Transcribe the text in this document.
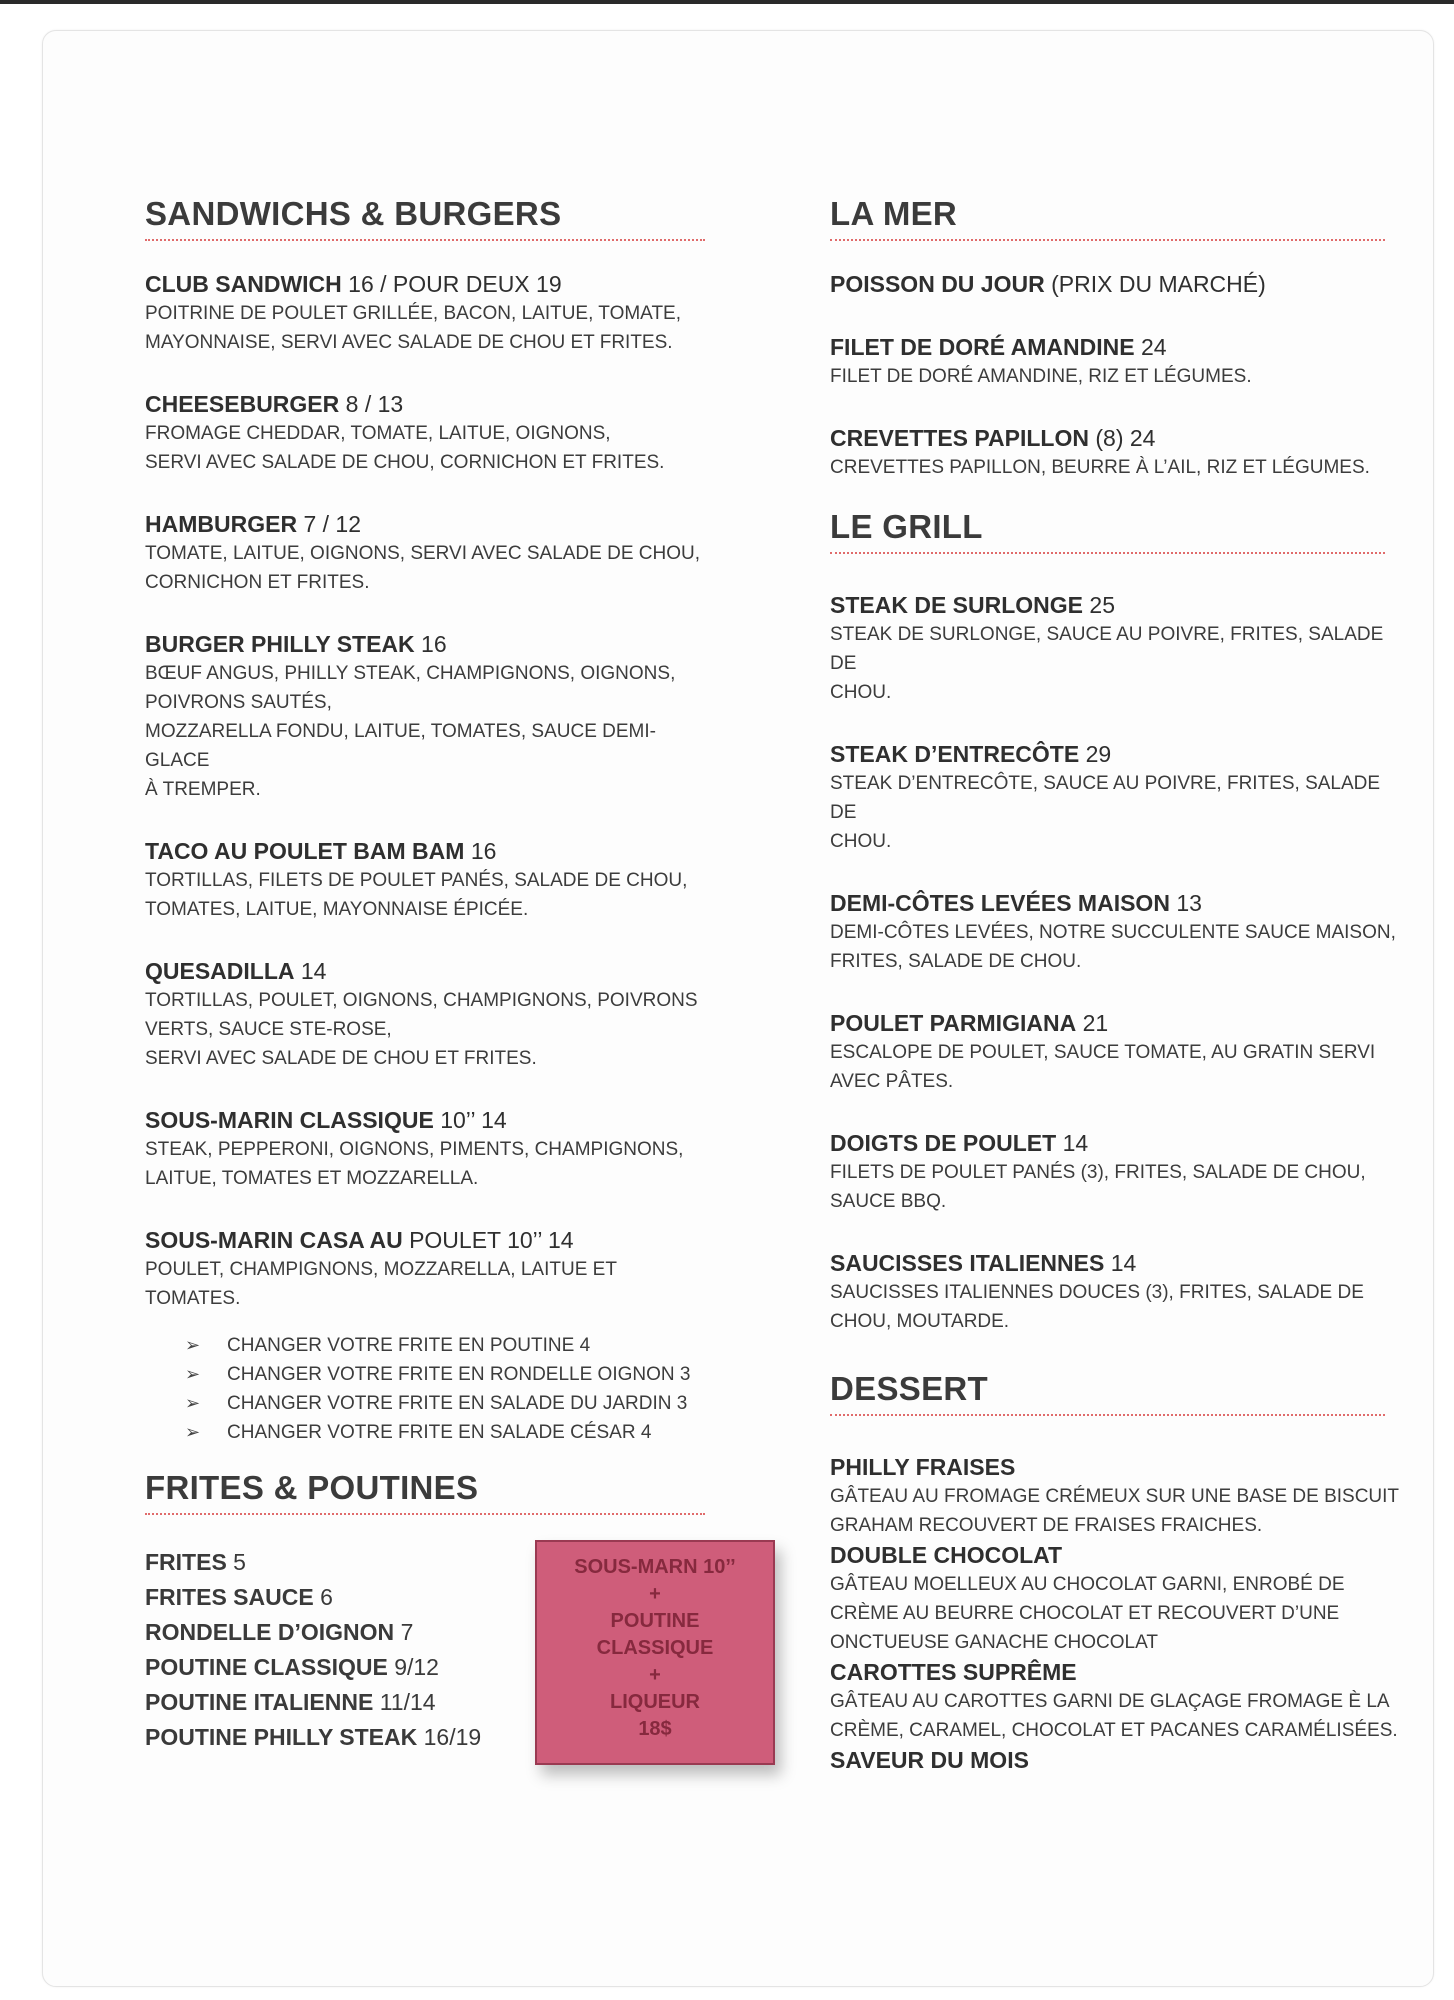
SANDWICHS & BURGERS
CLUB SANDWICH 16 / POUR DEUX 19
POITRINE DE POULET GRILLÉE, BACON, LAITUE, TOMATE,
MAYONNAISE, SERVI AVEC SALADE DE CHOU ET FRITES.
CHEESEBURGER 8 / 13
FROMAGE CHEDDAR, TOMATE, LAITUE, OIGNONS,
SERVI AVEC SALADE DE CHOU, CORNICHON ET FRITES.
HAMBURGER 7 / 12
TOMATE, LAITUE, OIGNONS, SERVI AVEC SALADE DE CHOU,
CORNICHON ET FRITES.
BURGER PHILLY STEAK 16
BŒUF ANGUS, PHILLY STEAK, CHAMPIGNONS, OIGNONS,
POIVRONS SAUTÉS,
MOZZARELLA FONDU, LAITUE, TOMATES, SAUCE DEMI-GLACE
À TREMPER.
TACO AU POULET BAM BAM 16
TORTILLAS, FILETS DE POULET PANÉS, SALADE DE CHOU,
TOMATES, LAITUE, MAYONNAISE ÉPICÉE.
QUESADILLA 14
TORTILLAS, POULET, OIGNONS, CHAMPIGNONS, POIVRONS
VERTS, SAUCE STE-ROSE,
SERVI AVEC SALADE DE CHOU ET FRITES.
SOUS-MARIN CLASSIQUE 10’’ 14
STEAK, PEPPERONI, OIGNONS, PIMENTS, CHAMPIGNONS,
LAITUE, TOMATES ET MOZZARELLA.
SOUS-MARIN CASA AU POULET 10’’ 14
POULET, CHAMPIGNONS, MOZZARELLA, LAITUE ET TOMATES.
➢ CHANGER VOTRE FRITE EN POUTINE 4
➢ CHANGER VOTRE FRITE EN RONDELLE OIGNON 3
➢ CHANGER VOTRE FRITE EN SALADE DU JARDIN 3
➢ CHANGER VOTRE FRITE EN SALADE CÉSAR 4
FRITES & POUTINES
FRITES 5
FRITES SAUCE 6
RONDELLE D’OIGNON 7
POUTINE CLASSIQUE 9/12
POUTINE ITALIENNE 11/14
POUTINE PHILLY STEAK 16/19
SOUS-MARN 10’’
+
POUTINE
CLASSIQUE
+
LIQUEUR
18$
LA MER
POISSON DU JOUR (PRIX DU MARCHÉ)
FILET DE DORÉ AMANDINE 24
FILET DE DORÉ AMANDINE, RIZ ET LÉGUMES.
CREVETTES PAPILLON (8) 24
CREVETTES PAPILLON, BEURRE À L’AIL, RIZ ET LÉGUMES.
LE GRILL
STEAK DE SURLONGE 25
STEAK DE SURLONGE, SAUCE AU POIVRE, FRITES, SALADE DE
CHOU.
STEAK D’ENTRECÔTE 29
STEAK D’ENTRECÔTE, SAUCE AU POIVRE, FRITES, SALADE DE
CHOU.
DEMI-CÔTES LEVÉES MAISON 13
DEMI-CÔTES LEVÉES, NOTRE SUCCULENTE SAUCE MAISON,
FRITES, SALADE DE CHOU.
POULET PARMIGIANA 21
ESCALOPE DE POULET, SAUCE TOMATE, AU GRATIN SERVI
AVEC PÂTES.
DOIGTS DE POULET 14
FILETS DE POULET PANÉS (3), FRITES, SALADE DE CHOU,
SAUCE BBQ.
SAUCISSES ITALIENNES 14
SAUCISSES ITALIENNES DOUCES (3), FRITES, SALADE DE
CHOU, MOUTARDE.
DESSERT
PHILLY FRAISES
GÂTEAU AU FROMAGE CRÉMEUX SUR UNE BASE DE BISCUIT
GRAHAM RECOUVERT DE FRAISES FRAICHES.
DOUBLE CHOCOLAT
GÂTEAU MOELLEUX AU CHOCOLAT GARNI, ENROBÉ DE
CRÈME AU BEURRE CHOCOLAT ET RECOUVERT D’UNE
ONCTUEUSE GANACHE CHOCOLAT
CAROTTES SUPRÊME
GÂTEAU AU CAROTTES GARNI DE GLAÇAGE FROMAGE È LA
CRÈME, CARAMEL, CHOCOLAT ET PACANES CARAMÉLISÉES.
SAVEUR DU MOIS
